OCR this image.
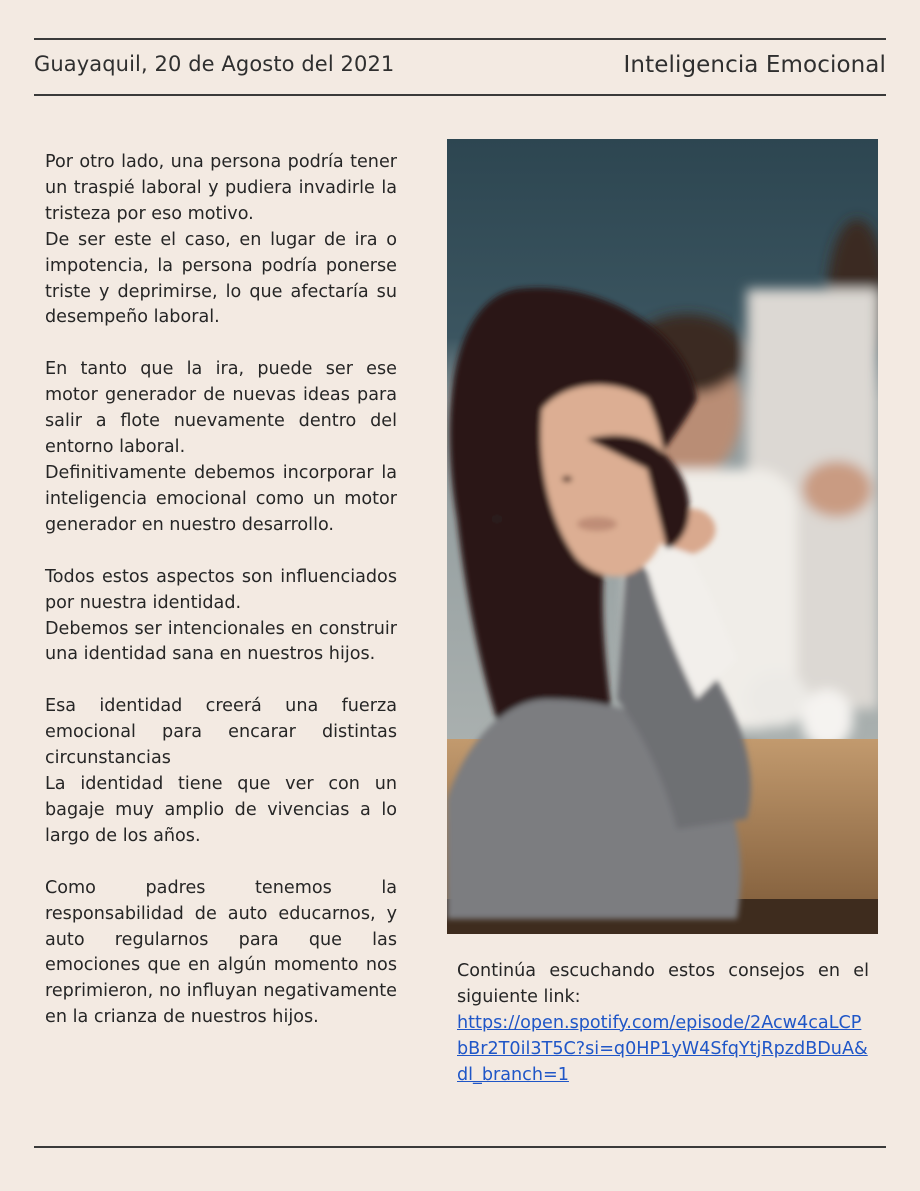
Guayaquil, 20 de Agosto del 2021	Inteligencia Emocional

Por otro lado, una persona podría tener un traspié laboral y pudiera invadirle la tristeza por eso motivo.
De ser este el caso, en lugar de ira o impotencia, la persona podría ponerse triste y deprimirse, lo que afectaría su desempeño laboral.

En tanto que la ira, puede ser ese motor generador de nuevas ideas para salir a flote nuevamente dentro del entorno laboral.
Definitivamente debemos incorporar la inteligencia emocional como un motor generador en nuestro desarrollo.

Todos estos aspectos son influenciados por nuestra identidad.
Debemos ser intencionales en construir una identidad sana en nuestros hijos.

Esa identidad creerá una fuerza emocional para encarar distintas circunstancias
La identidad tiene que ver con un bagaje muy amplio de vivencias a lo largo de los años.

Como padres tenemos la responsabilidad de auto educarnos, y auto regularnos para que las emociones que en algún momento nos reprimieron, no influyan negativamente en la crianza de nuestros hijos.

Continúa escuchando estos consejos en el siguiente link:
https://open.spotify.com/episode/2Acw4caLCPbBr2T0il3T5C?si=q0HP1yW4SfqYtjRpzdBDuA&dl_branch=1
